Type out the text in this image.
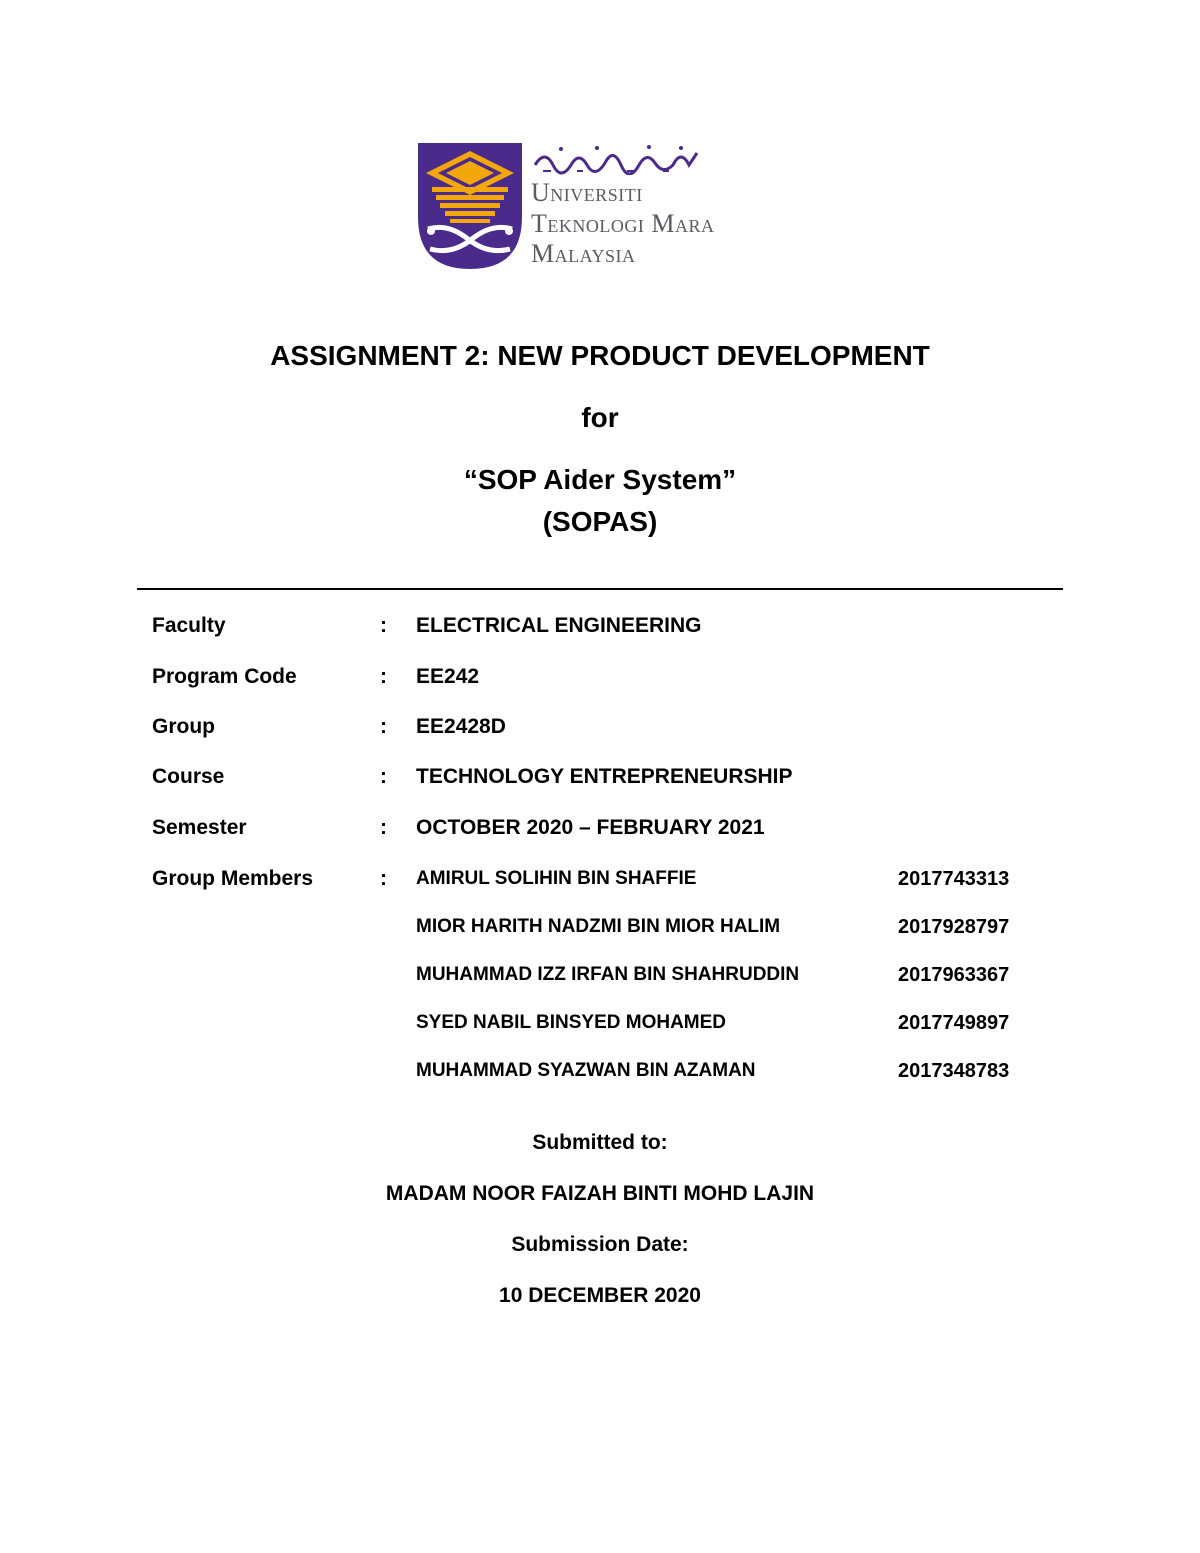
Universiti
Teknologi Mara
Malaysia
ASSIGNMENT 2: NEW PRODUCT DEVELOPMENT
for
“SOP Aider System”
(SOPAS)
Faculty	: ELECTRICAL ENGINEERING
Program Code	: EE242
Group	: EE2428D
Course	: TECHNOLOGY ENTREPRENEURSHIP
Semester	: OCTOBER 2020 – FEBRUARY 2021
Group Members	: AMIRUL SOLIHIN BIN SHAFFIE	2017743313
MIOR HARITH NADZMI BIN MIOR HALIM	2017928797
MUHAMMAD IZZ IRFAN BIN SHAHRUDDIN	2017963367
SYED NABIL BINSYED MOHAMED	2017749897
MUHAMMAD SYAZWAN BIN AZAMAN	2017348783
Submitted to:
MADAM NOOR FAIZAH BINTI MOHD LAJIN
Submission Date:
10 DECEMBER 2020
